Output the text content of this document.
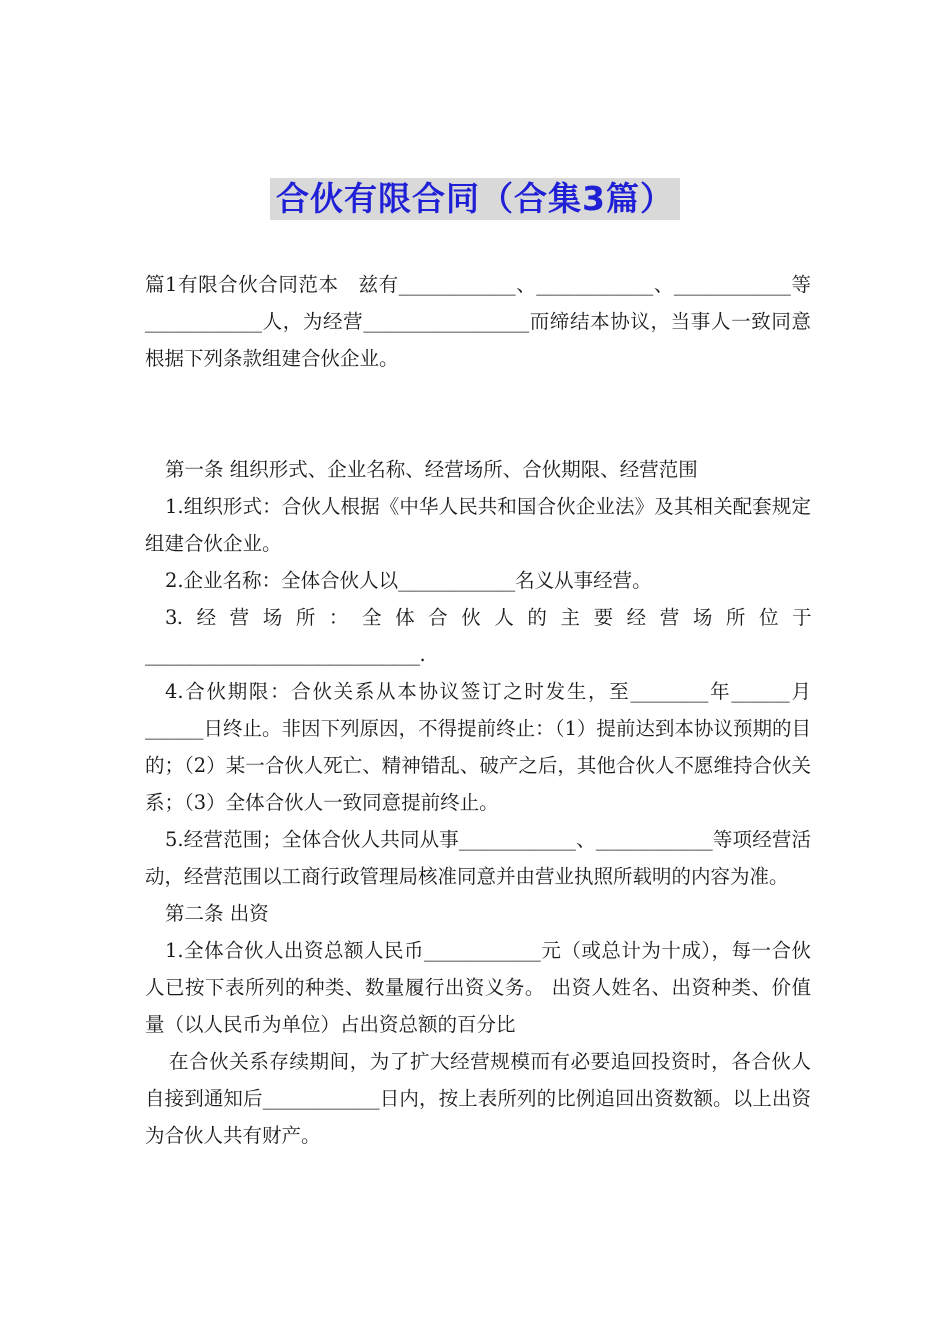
合伙有限合同（合集3篇）

篇1有限合伙合同范本　兹有____________、____________、____________等____________人，为经营_________________而缔结本协议，当事人一致同意根据下列条款组建合伙企业。

第一条 组织形式、企业名称、经营场所、合伙期限、经营范围

1.组织形式：合伙人根据《中华人民共和国合伙企业法》及其相关配套规定组建合伙企业。

2.企业名称：全体合伙人以____________名义从事经营。

3.经营场所：全体合伙人的主要经营场所位于______________________________.

4.合伙期限：合伙关系从本协议签订之时发生，至________年______月______日终止。非因下列原因，不得提前终止：（1）提前达到本协议预期的目的；（2）某一合伙人死亡、精神错乱、破产之后，其他合伙人不愿维持合伙关系；（3）全体合伙人一致同意提前终止。

5.经营范围；全体合伙人共同从事____________、____________等项经营活动，经营范围以工商行政管理局核准同意并由营业执照所载明的内容为准。

第二条 出资

1.全体合伙人出资总额人民币____________元（或总计为十成），每一合伙人已按下表所列的种类、数量履行出资义务。 出资人姓名、出资种类、价值量（以人民币为单位）占出资总额的百分比

在合伙关系存续期间，为了扩大经营规模而有必要追回投资时，各合伙人自接到通知后____________日内，按上表所列的比例追回出资数额。以上出资为合伙人共有财产。
